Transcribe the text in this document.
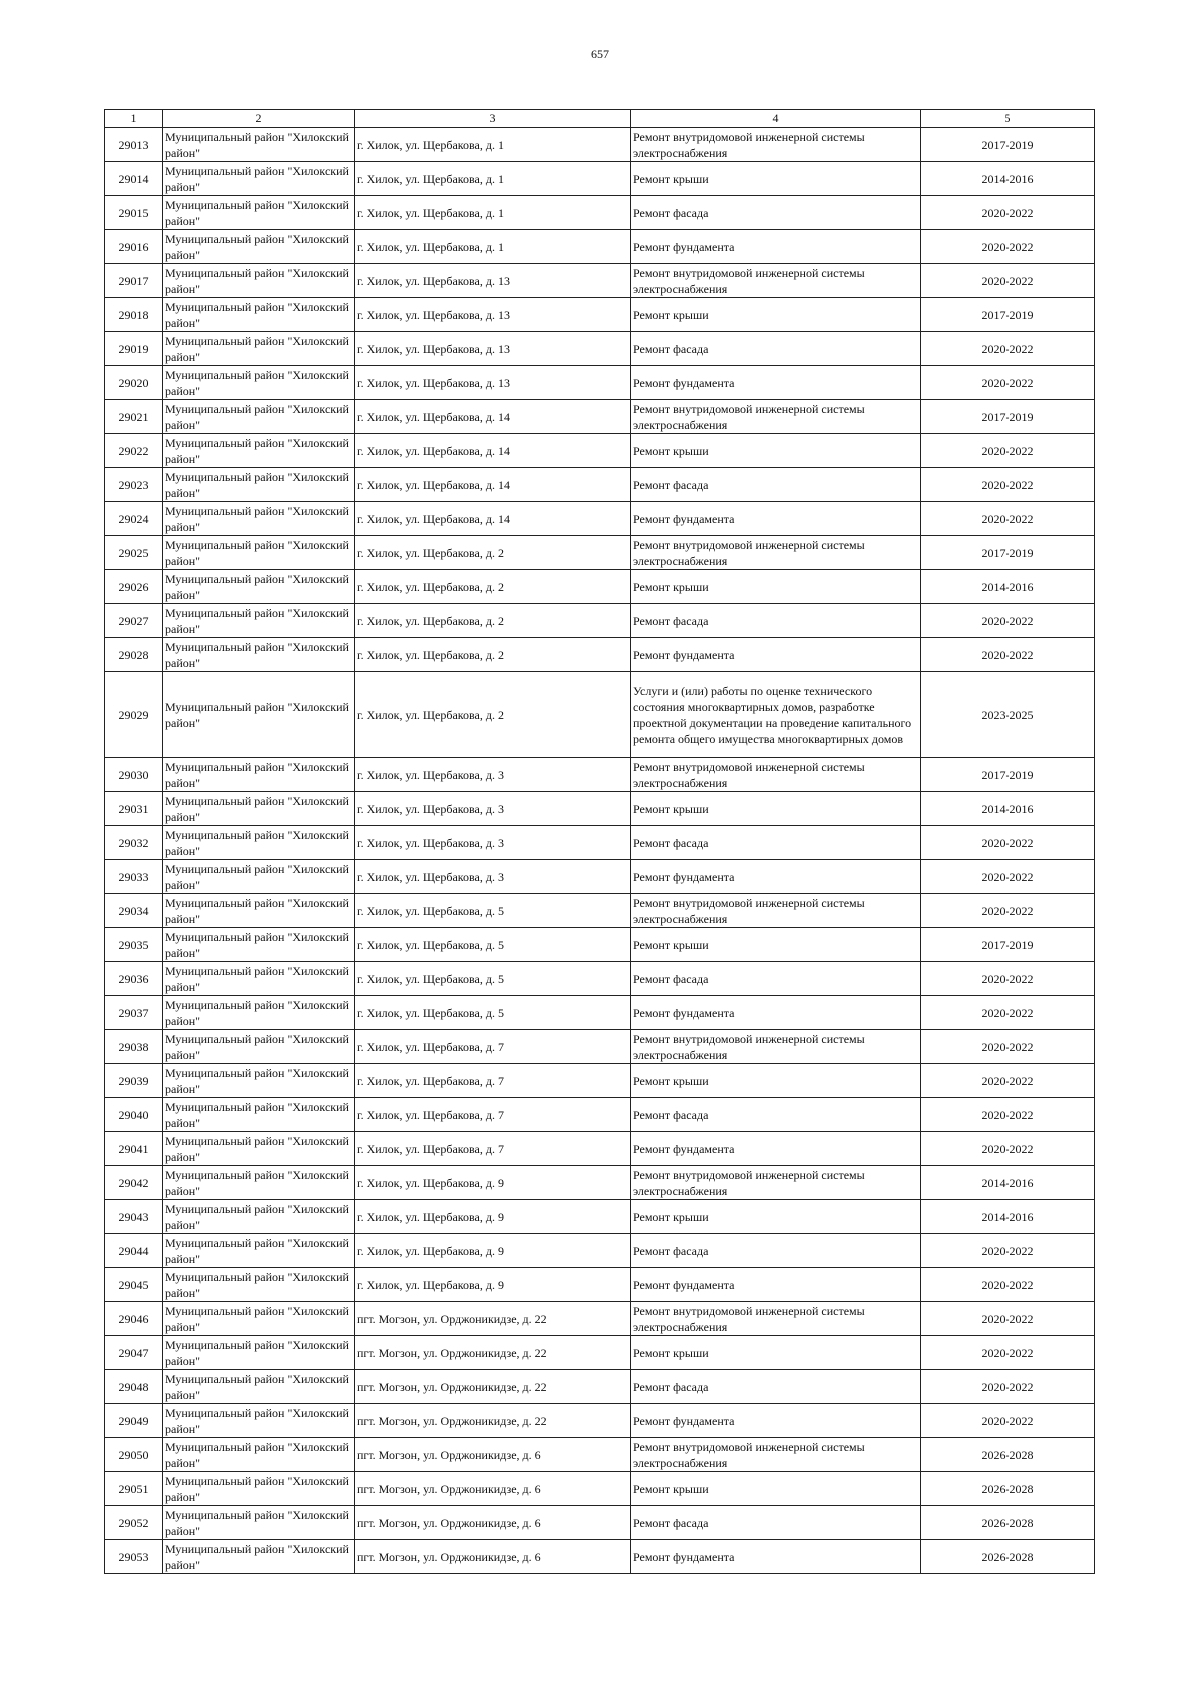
657
1	2	3	4	5
29013	Муниципальный район "Хилокский район"	г. Хилок, ул. Щербакова, д. 1	Ремонт внутридомовой инженерной системы электроснабжения	2017-2019
29014	Муниципальный район "Хилокский район"	г. Хилок, ул. Щербакова, д. 1	Ремонт крыши	2014-2016
29015	Муниципальный район "Хилокский район"	г. Хилок, ул. Щербакова, д. 1	Ремонт фасада	2020-2022
29016	Муниципальный район "Хилокский район"	г. Хилок, ул. Щербакова, д. 1	Ремонт фундамента	2020-2022
29017	Муниципальный район "Хилокский район"	г. Хилок, ул. Щербакова, д. 13	Ремонт внутридомовой инженерной системы электроснабжения	2020-2022
29018	Муниципальный район "Хилокский район"	г. Хилок, ул. Щербакова, д. 13	Ремонт крыши	2017-2019
29019	Муниципальный район "Хилокский район"	г. Хилок, ул. Щербакова, д. 13	Ремонт фасада	2020-2022
29020	Муниципальный район "Хилокский район"	г. Хилок, ул. Щербакова, д. 13	Ремонт фундамента	2020-2022
29021	Муниципальный район "Хилокский район"	г. Хилок, ул. Щербакова, д. 14	Ремонт внутридомовой инженерной системы электроснабжения	2017-2019
29022	Муниципальный район "Хилокский район"	г. Хилок, ул. Щербакова, д. 14	Ремонт крыши	2020-2022
29023	Муниципальный район "Хилокский район"	г. Хилок, ул. Щербакова, д. 14	Ремонт фасада	2020-2022
29024	Муниципальный район "Хилокский район"	г. Хилок, ул. Щербакова, д. 14	Ремонт фундамента	2020-2022
29025	Муниципальный район "Хилокский район"	г. Хилок, ул. Щербакова, д. 2	Ремонт внутридомовой инженерной системы электроснабжения	2017-2019
29026	Муниципальный район "Хилокский район"	г. Хилок, ул. Щербакова, д. 2	Ремонт крыши	2014-2016
29027	Муниципальный район "Хилокский район"	г. Хилок, ул. Щербакова, д. 2	Ремонт фасада	2020-2022
29028	Муниципальный район "Хилокский район"	г. Хилок, ул. Щербакова, д. 2	Ремонт фундамента	2020-2022
29029	Муниципальный район "Хилокский район"	г. Хилок, ул. Щербакова, д. 2	Услуги и (или) работы по оценке технического состояния многоквартирных домов, разработке проектной документации на проведение капитального ремонта общего имущества многоквартирных домов	2023-2025
29030	Муниципальный район "Хилокский район"	г. Хилок, ул. Щербакова, д. 3	Ремонт внутридомовой инженерной системы электроснабжения	2017-2019
29031	Муниципальный район "Хилокский район"	г. Хилок, ул. Щербакова, д. 3	Ремонт крыши	2014-2016
29032	Муниципальный район "Хилокский район"	г. Хилок, ул. Щербакова, д. 3	Ремонт фасада	2020-2022
29033	Муниципальный район "Хилокский район"	г. Хилок, ул. Щербакова, д. 3	Ремонт фундамента	2020-2022
29034	Муниципальный район "Хилокский район"	г. Хилок, ул. Щербакова, д. 5	Ремонт внутридомовой инженерной системы электроснабжения	2020-2022
29035	Муниципальный район "Хилокский район"	г. Хилок, ул. Щербакова, д. 5	Ремонт крыши	2017-2019
29036	Муниципальный район "Хилокский район"	г. Хилок, ул. Щербакова, д. 5	Ремонт фасада	2020-2022
29037	Муниципальный район "Хилокский район"	г. Хилок, ул. Щербакова, д. 5	Ремонт фундамента	2020-2022
29038	Муниципальный район "Хилокский район"	г. Хилок, ул. Щербакова, д. 7	Ремонт внутридомовой инженерной системы электроснабжения	2020-2022
29039	Муниципальный район "Хилокский район"	г. Хилок, ул. Щербакова, д. 7	Ремонт крыши	2020-2022
29040	Муниципальный район "Хилокский район"	г. Хилок, ул. Щербакова, д. 7	Ремонт фасада	2020-2022
29041	Муниципальный район "Хилокский район"	г. Хилок, ул. Щербакова, д. 7	Ремонт фундамента	2020-2022
29042	Муниципальный район "Хилокский район"	г. Хилок, ул. Щербакова, д. 9	Ремонт внутридомовой инженерной системы электроснабжения	2014-2016
29043	Муниципальный район "Хилокский район"	г. Хилок, ул. Щербакова, д. 9	Ремонт крыши	2014-2016
29044	Муниципальный район "Хилокский район"	г. Хилок, ул. Щербакова, д. 9	Ремонт фасада	2020-2022
29045	Муниципальный район "Хилокский район"	г. Хилок, ул. Щербакова, д. 9	Ремонт фундамента	2020-2022
29046	Муниципальный район "Хилокский район"	пгт. Могзон, ул. Орджоникидзе, д. 22	Ремонт внутридомовой инженерной системы электроснабжения	2020-2022
29047	Муниципальный район "Хилокский район"	пгт. Могзон, ул. Орджоникидзе, д. 22	Ремонт крыши	2020-2022
29048	Муниципальный район "Хилокский район"	пгт. Могзон, ул. Орджоникидзе, д. 22	Ремонт фасада	2020-2022
29049	Муниципальный район "Хилокский район"	пгт. Могзон, ул. Орджоникидзе, д. 22	Ремонт фундамента	2020-2022
29050	Муниципальный район "Хилокский район"	пгт. Могзон, ул. Орджоникидзе, д. 6	Ремонт внутридомовой инженерной системы электроснабжения	2026-2028
29051	Муниципальный район "Хилокский район"	пгт. Могзон, ул. Орджоникидзе, д. 6	Ремонт крыши	2026-2028
29052	Муниципальный район "Хилокский район"	пгт. Могзон, ул. Орджоникидзе, д. 6	Ремонт фасада	2026-2028
29053	Муниципальный район "Хилокский район"	пгт. Могзон, ул. Орджоникидзе, д. 6	Ремонт фундамента	2026-2028
